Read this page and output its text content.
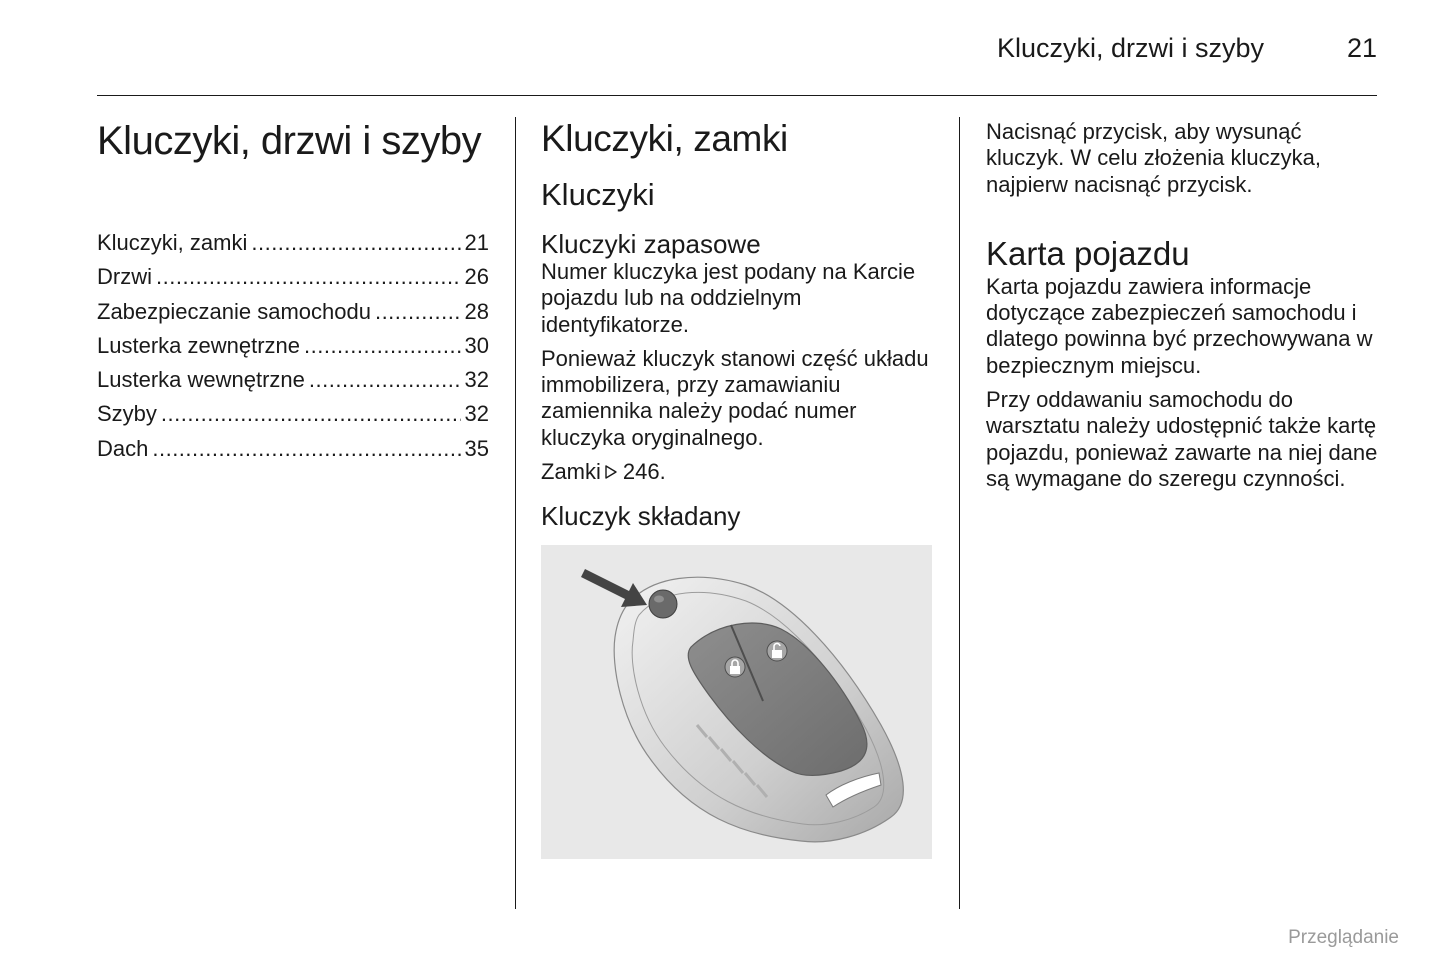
Kluczyki, drzwi i szyby	21
Kluczyki, drzwi i szyby
Kluczyki, zamki .....	21
Drzwi .....	26
Zabezpieczanie samochodu .....	28
Lusterka zewnętrzne .....	30
Lusterka wewnętrzne .....	32
Szyby .....	32
Dach .....	35
Kluczyki, zamki
Kluczyki
Kluczyki zapasowe

Numer kluczyka jest podany na Karcie pojazdu lub na oddzielnym identyfikatorze.

Ponieważ kluczyk stanowi część układu immobilizera, przy zamawianiu zamiennika należy podać numer kluczyka oryginalnego.

Zamki 246.

Kluczyk składany

Nacisnąć przycisk, aby wysunąć kluczyk. W celu złożenia kluczyka, najpierw nacisnąć przycisk.

Karta pojazdu

Karta pojazdu zawiera informacje dotyczące zabezpieczeń samochodu i dlatego powinna być przechowywana w bezpiecznym miejscu.

Przy oddawaniu samochodu do warsztatu należy udostępnić także kartę pojazdu, ponieważ zawarte na niej dane są wymagane do szeregu czynności.

Przeglądanie
